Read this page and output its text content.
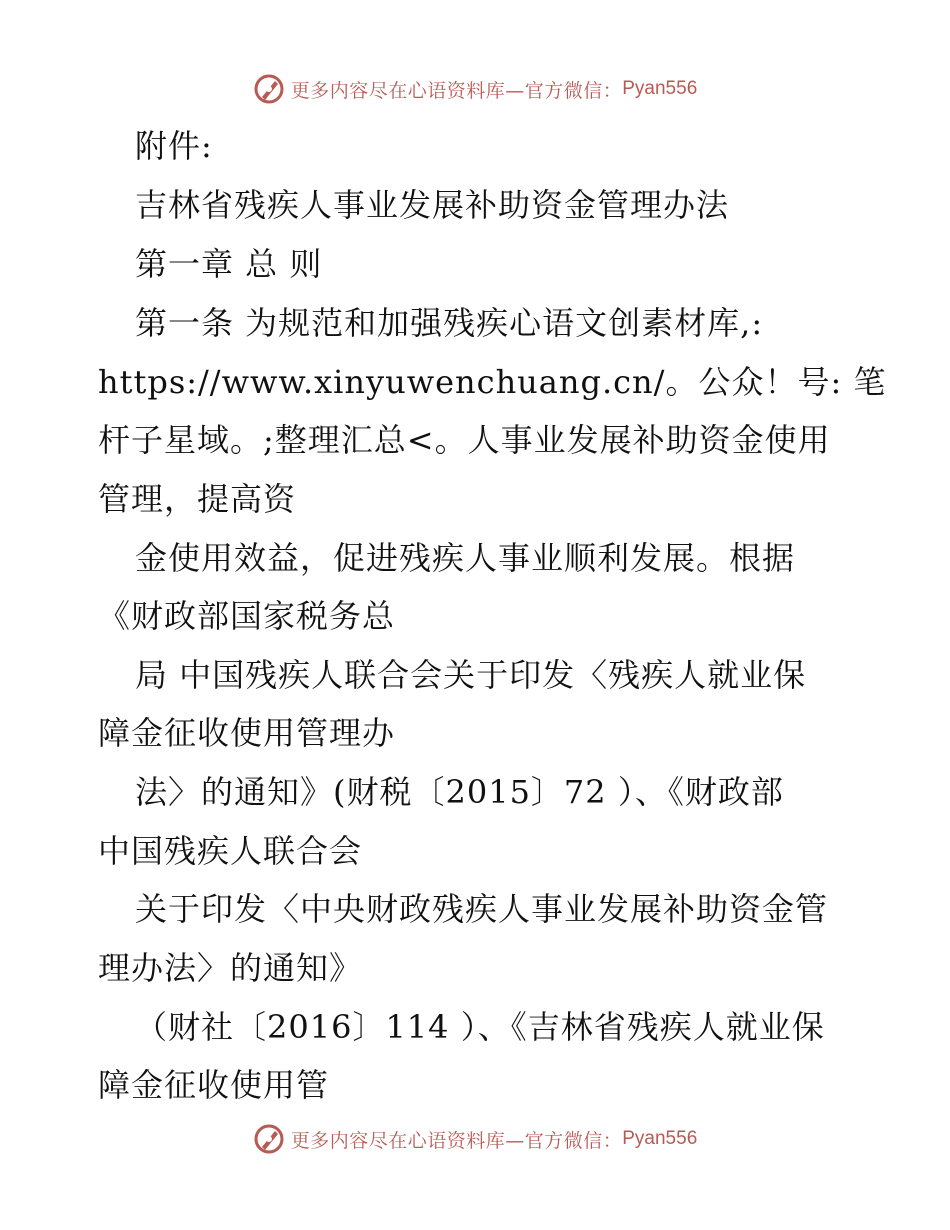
更多内容尽在心语资料库—官方微信： Pyan556
附件:
吉林省残疾人事业发展补助资金管理办法
第一章 总 则
第一条 为规范和加强残疾心语文创素材库,:
https://www.xinyuwenchuang.cn/。公众！号: 笔
杆子星域。;整理汇总<。人事业发展补助资金使用
管理，提高资
金使用效益，促进残疾人事业顺利发展。根据
《财政部国家税务总
局 中国残疾人联合会关于印发〈残疾人就业保
障金征收使用管理办
法〉的通知》(财税〔2015〕72 ）、《财政部
中国残疾人联合会
关于印发〈中央财政残疾人事业发展补助资金管
理办法〉的通知》
（财社〔2016〕114 ）、《吉林省残疾人就业保
障金征收使用管
更多内容尽在心语资料库—官方微信： Pyan556
